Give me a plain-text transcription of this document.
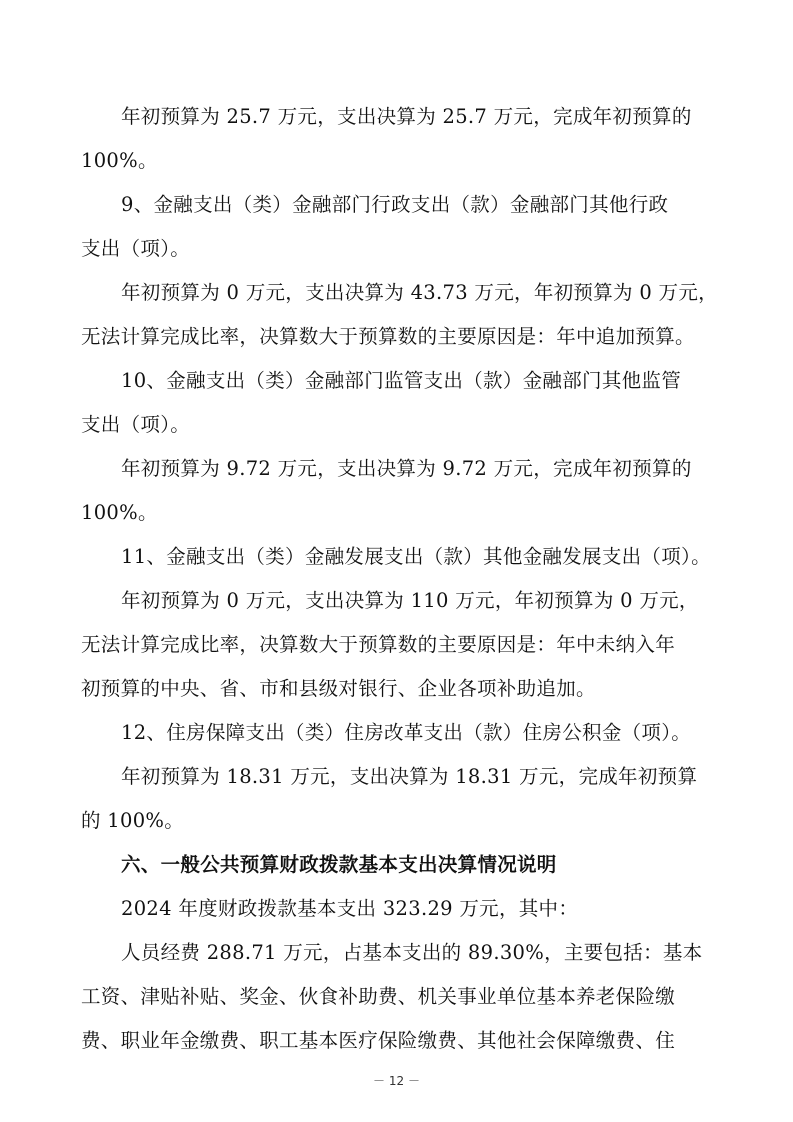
年初预算为 25.7 万元，支出决算为 25.7 万元，完成年初预算的
100%。
9、金融支出（类）金融部门行政支出（款）金融部门其他行政
支出（项）。
年初预算为 0 万元，支出决算为 43.73 万元，年初预算为 0 万元，
无法计算完成比率，决算数大于预算数的主要原因是：年中追加预算。
10、金融支出（类）金融部门监管支出（款）金融部门其他监管
支出（项）。
年初预算为 9.72 万元，支出决算为 9.72 万元，完成年初预算的
100%。
11、金融支出（类）金融发展支出（款）其他金融发展支出（项）。
年初预算为 0 万元，支出决算为 110 万元，年初预算为 0 万元，
无法计算完成比率，决算数大于预算数的主要原因是：年中未纳入年
初预算的中央、省、市和县级对银行、企业各项补助追加。
12、住房保障支出（类）住房改革支出（款）住房公积金（项）。
年初预算为 18.31 万元，支出决算为 18.31 万元，完成年初预算
的 100%。
六、一般公共预算财政拨款基本支出决算情况说明
2024 年度财政拨款基本支出 323.29 万元，其中：
人员经费 288.71 万元，占基本支出的 89.30%，主要包括：基本
工资、津贴补贴、奖金、伙食补助费、机关事业单位基本养老保险缴
费、职业年金缴费、职工基本医疗保险缴费、其他社会保障缴费、住
－ 12 －
